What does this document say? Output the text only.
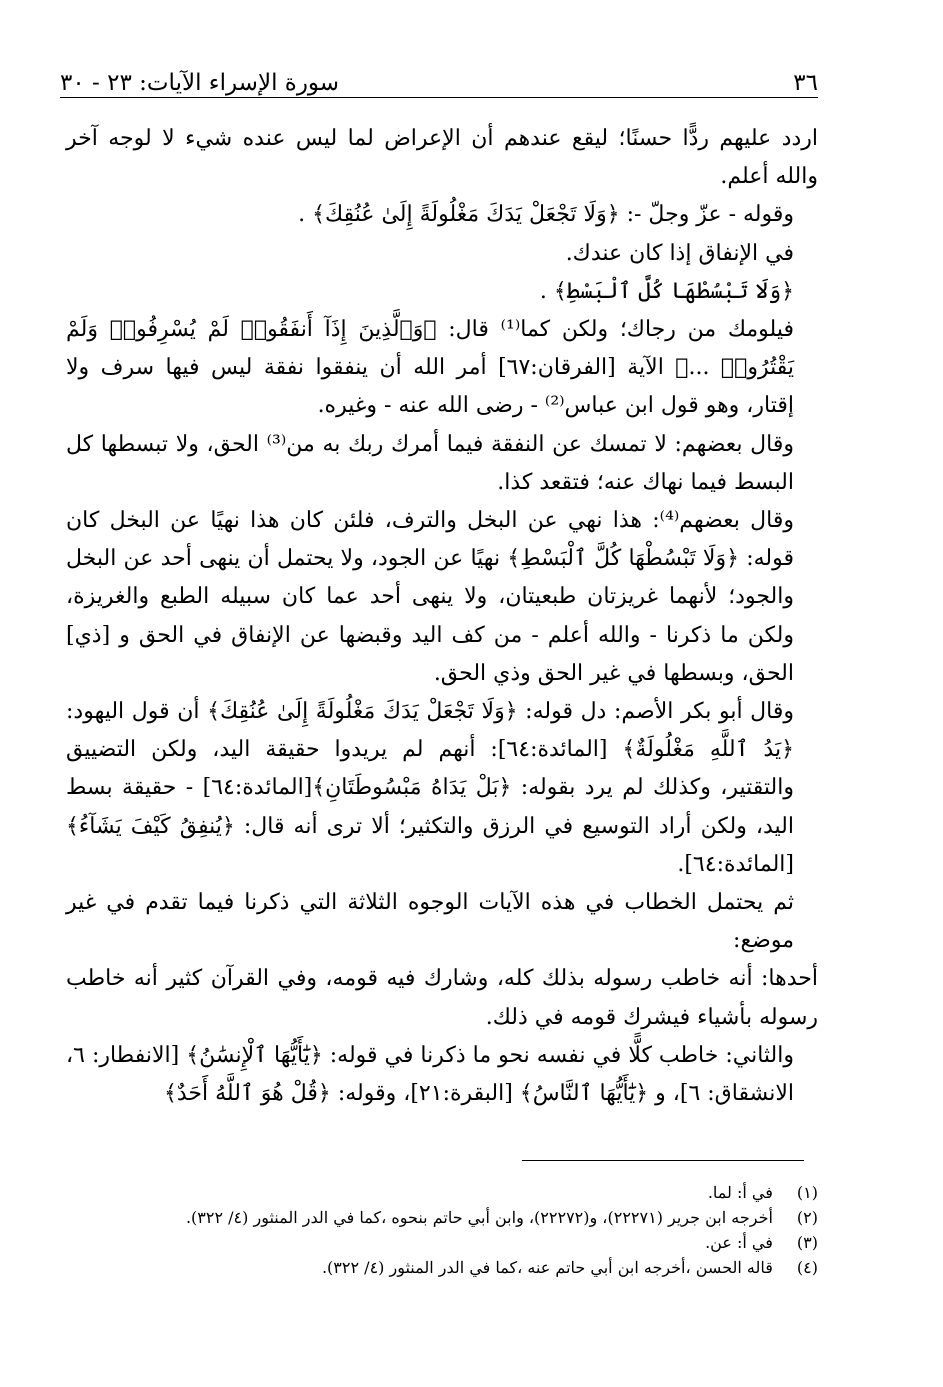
٣٦
سورة الإسراء الآيات: ٢٣ - ٣٠

اردد عليهم ردًّا حسنًا؛ ليقع عندهم أن الإعراض لما ليس عنده شيء لا لوجه آخر والله أعلم.

وقوله - عزّ وجلّ -: ﴿وَلَا تَجْعَلْ يَدَكَ مَغْلُولَةً إِلَىٰ عُنُقِكَ﴾ .

في الإنفاق إذا كان عندك.

﴿وَلَا تَبْسُطْهَا كُلَّ ٱلْبَسْطِ﴾ .

فيلومك من رجاك؛ ولكن كما⁽¹⁾ قال: ﴿وَٱلَّذِينَ إِذَآ أَنفَقُوا۟ لَمْ يُسْرِفُوا۟ وَلَمْ يَقْتُرُوا۟ ...﴾ الآية [الفرقان:٦٧] أمر الله أن ينفقوا نفقة ليس فيها سرف ولا إقتار، وهو قول ابن عباس⁽²⁾ - رضى الله عنه - وغيره.

وقال بعضهم: لا تمسك عن النفقة فيما أمرك ربك به من⁽³⁾ الحق، ولا تبسطها كل البسط فيما نهاك عنه؛ فتقعد كذا.

وقال بعضهم⁽⁴⁾: هذا نهي عن البخل والترف، فلئن كان هذا نهيًا عن البخل كان قوله: ﴿وَلَا تَبْسُطْهَا كُلَّ ٱلْبَسْطِ﴾ نهيًا عن الجود، ولا يحتمل أن ينهى أحد عن البخل والجود؛ لأنهما غريزتان طبعيتان، ولا ينهى أحد عما كان سبيله الطبع والغريزة، ولكن ما ذكرنا - والله أعلم - من كف اليد وقبضها عن الإنفاق في الحق و [ذي] الحق، وبسطها في غير الحق وذي الحق.

وقال أبو بكر الأصم: دل قوله: ﴿وَلَا تَجْعَلْ يَدَكَ مَغْلُولَةً إِلَىٰ عُنُقِكَ﴾ أن قول اليهود: ﴿يَدُ ٱللَّهِ مَغْلُولَةٌ﴾ [المائدة:٦٤]: أنهم لم يريدوا حقيقة اليد، ولكن التضييق والتقتير، وكذلك لم يرد بقوله: ﴿بَلْ يَدَاهُ مَبْسُوطَتَانِ﴾[المائدة:٦٤] - حقيقة بسط اليد، ولكن أراد التوسيع في الرزق والتكثير؛ ألا ترى أنه قال: ﴿يُنفِقُ كَيْفَ يَشَآءُ﴾ [المائدة:٦٤].

ثم يحتمل الخطاب في هذه الآيات الوجوه الثلاثة التي ذكرنا فيما تقدم في غير موضع:

أحدها: أنه خاطب رسوله بذلك كله، وشارك فيه قومه، وفي القرآن كثير أنه خاطب رسوله بأشياء فيشرك قومه في ذلك.

والثاني: خاطب كلًّا في نفسه نحو ما ذكرنا في قوله: ﴿يَٰٓأَيُّهَا ٱلْإِنسَٰنُ﴾ [الانفطار: ٦، الانشقاق: ٦]، و ﴿يَٰٓأَيُّهَا ٱلنَّاسُ﴾ [البقرة:٢١]، وقوله: ﴿قُلْ هُوَ ٱللَّهُ أَحَدٌ﴾

(١) في أ: لما.
(٢) أخرجه ابن جرير (٢٢٢٧١)، و(٢٢٢٧٢)، وابن أبي حاتم بنحوه ،كما في الدر المنثور (٤/ ٣٢٢).
(٣) في أ: عن.
(٤) قاله الحسن ،أخرجه ابن أبي حاتم عنه ،كما في الدر المنثور (٤/ ٣٢٢).
